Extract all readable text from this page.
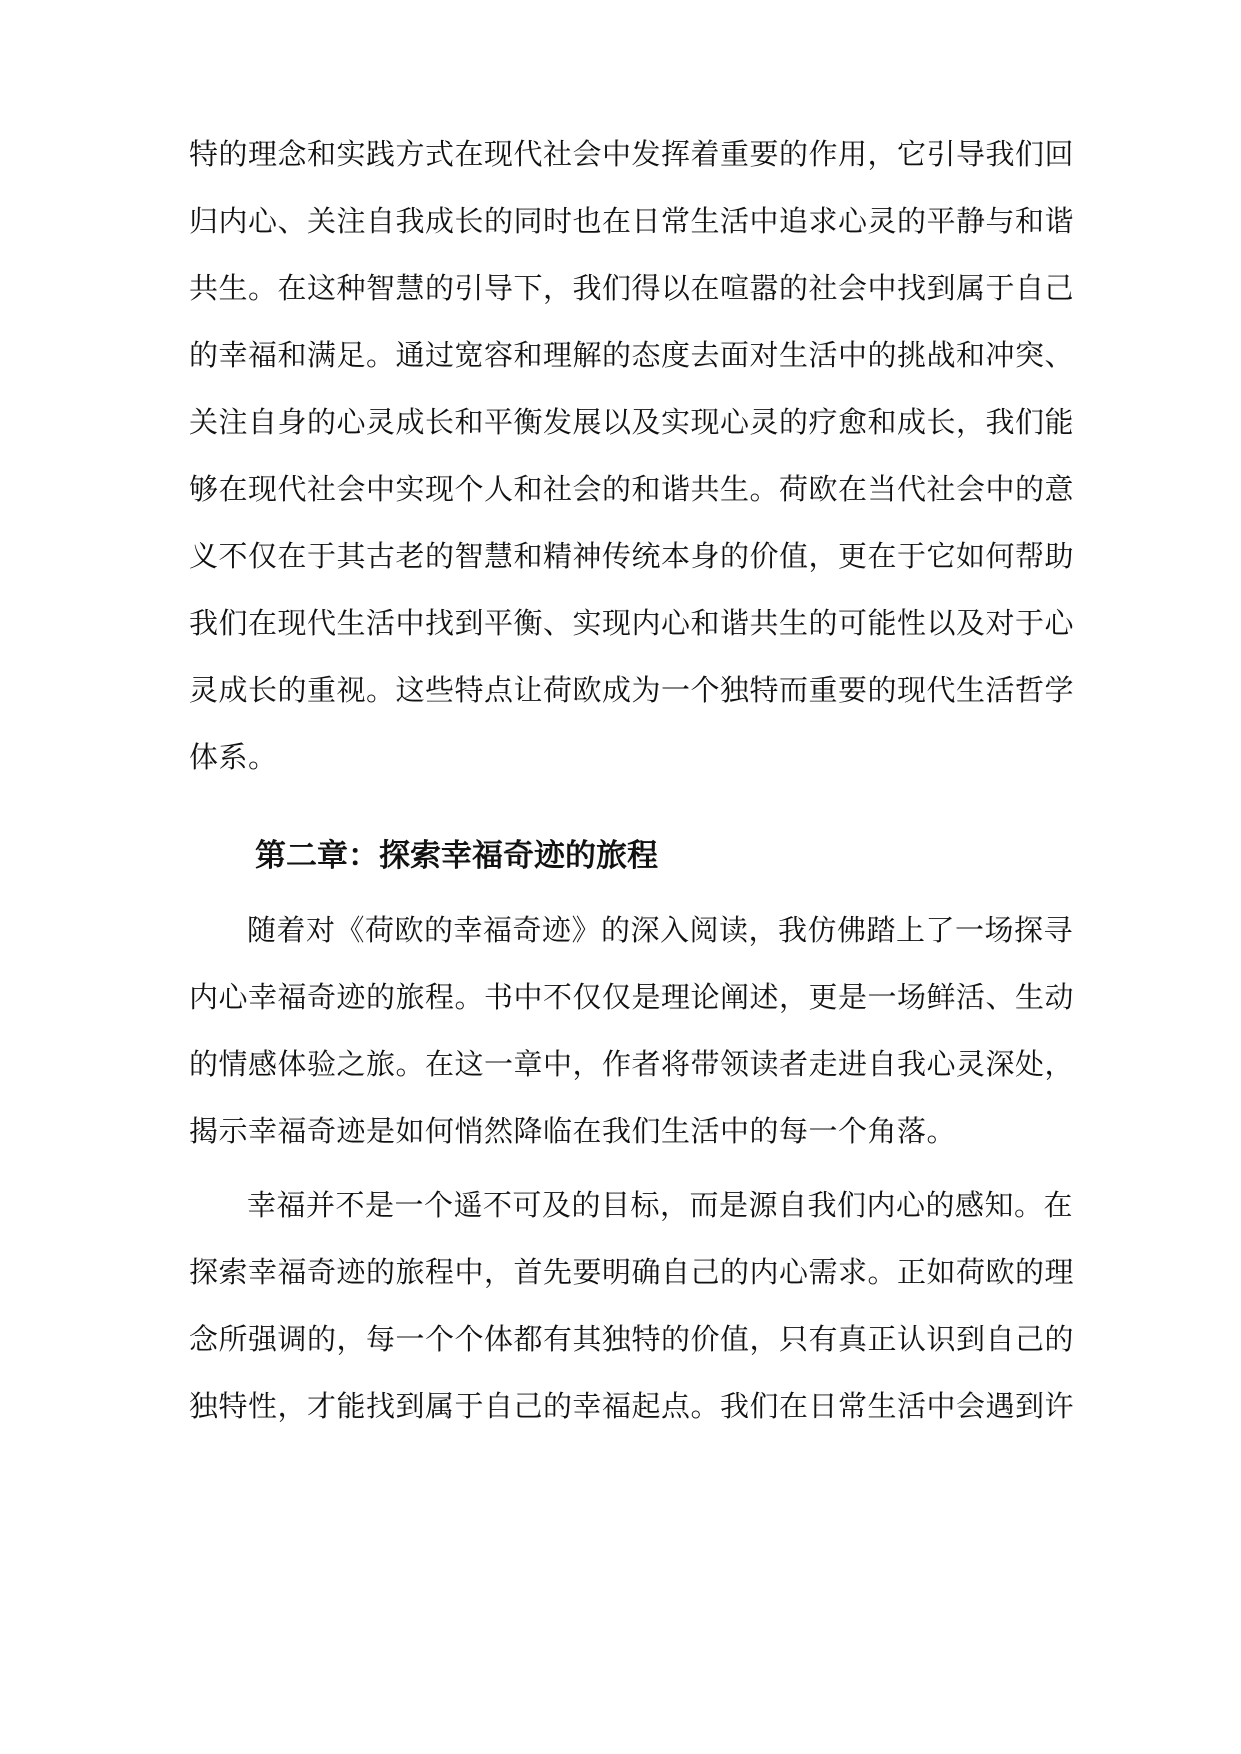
特的理念和实践方式在现代社会中发挥着重要的作用，它引导我们回
归内心、关注自我成长的同时也在日常生活中追求心灵的平静与和谐
共生。在这种智慧的引导下，我们得以在喧嚣的社会中找到属于自己
的幸福和满足。通过宽容和理解的态度去面对生活中的挑战和冲突、
关注自身的心灵成长和平衡发展以及实现心灵的疗愈和成长，我们能
够在现代社会中实现个人和社会的和谐共生。荷欧在当代社会中的意
义不仅在于其古老的智慧和精神传统本身的价值，更在于它如何帮助
我们在现代生活中找到平衡、实现内心和谐共生的可能性以及对于心
灵成长的重视。这些特点让荷欧成为一个独特而重要的现代生活哲学
体系。
第二章：探索幸福奇迹的旅程
随着对《荷欧的幸福奇迹》的深入阅读，我仿佛踏上了一场探寻
内心幸福奇迹的旅程。书中不仅仅是理论阐述，更是一场鲜活、生动
的情感体验之旅。在这一章中，作者将带领读者走进自我心灵深处，
揭示幸福奇迹是如何悄然降临在我们生活中的每一个角落。
幸福并不是一个遥不可及的目标，而是源自我们内心的感知。在
探索幸福奇迹的旅程中，首先要明确自己的内心需求。正如荷欧的理
念所强调的，每一个个体都有其独特的价值，只有真正认识到自己的
独特性，才能找到属于自己的幸福起点。我们在日常生活中会遇到许
